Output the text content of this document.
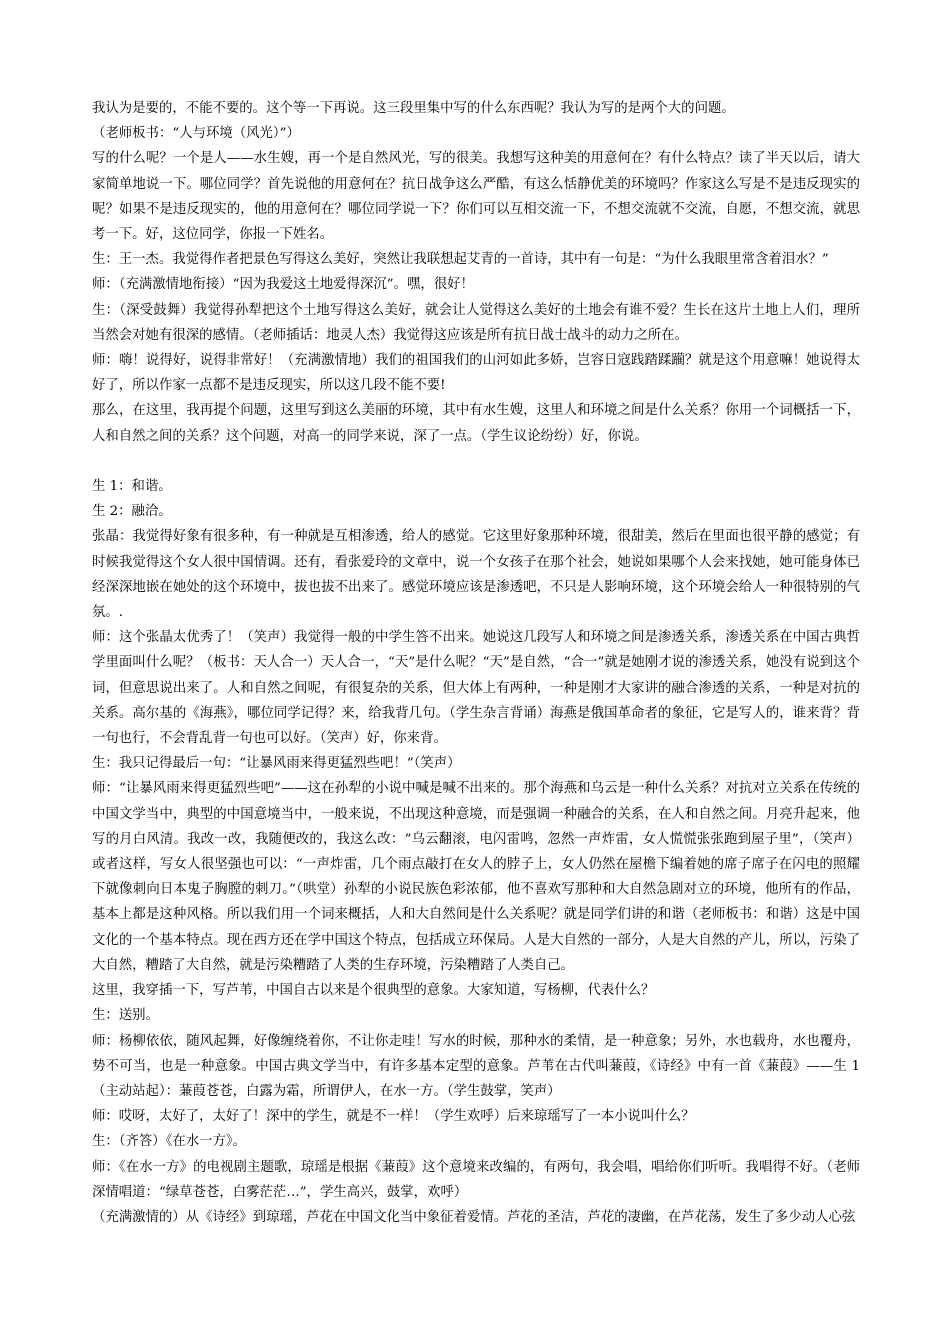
我认为是要的，不能不要的。这个等一下再说。这三段里集中写的什么东西呢？我认为写的是两个大的问题。

（老师板书：“人与环境（风光）”）

写的什么呢？一个是人——水生嫂，再一个是自然风光，写的很美。我想写这种美的用意何在？有什么特点？读了半天以后，请大家简单地说一下。哪位同学？首先说他的用意何在？抗日战争这么严酷，有这么恬静优美的环境吗？作家这么写是不是违反现实的呢？如果不是违反现实的，他的用意何在？哪位同学说一下？你们可以互相交流一下，不想交流就不交流，自愿，不想交流，就思考一下。好，这位同学，你报一下姓名。

生：王一杰。我觉得作者把景色写得这么美好，突然让我联想起艾青的一首诗，其中有一句是：“为什么我眼里常含着泪水？”

师：（充满激情地衔接）“因为我爱这土地爱得深沉”。嘿，很好！

生：（深受鼓舞）我觉得孙犁把这个土地写得这么美好，就会让人觉得这么美好的土地会有谁不爱？生长在这片土地上人们，理所当然会对她有很深的感情。（老师插话：地灵人杰）我觉得这应该是所有抗日战士战斗的动力之所在。

师：嗨！说得好，说得非常好！（充满激情地）我们的祖国我们的山河如此多娇，岂容日寇践踏蹂躏？就是这个用意嘛！她说得太好了，所以作家一点都不是违反现实，所以这几段不能不要!

那么，在这里，我再提个问题，这里写到这么美丽的环境，其中有水生嫂，这里人和环境之间是什么关系？你用一个词概括一下，人和自然之间的关系？这个问题，对高一的同学来说，深了一点。（学生议论纷纷）好，你说。

生 1：和谐。

生 2：融洽。

张晶：我觉得好象有很多种，有一种就是互相渗透，给人的感觉。它这里好象那种环境，很甜美，然后在里面也很平静的感觉；有时候我觉得这个女人很中国情调。还有，看张爱玲的文章中，说一个女孩子在那个社会，她说如果哪个人会来找她，她可能身体已经深深地嵌在她处的这个环境中，拔也拔不出来了。感觉环境应该是渗透吧，不只是人影响环境，这个环境会给人一种很特别的气氛。.

师：这个张晶太优秀了！（笑声）我觉得一般的中学生答不出来。她说这几段写人和环境之间是渗透关系，渗透关系在中国古典哲学里面叫什么呢？（板书：天人合一）天人合一，“天”是什么呢？“天”是自然，“合一”就是她刚才说的渗透关系，她没有说到这个词，但意思说出来了。人和自然之间呢，有很复杂的关系，但大体上有两种，一种是刚才大家讲的融合渗透的关系，一种是对抗的关系。高尔基的《海燕》，哪位同学记得？来，给我背几句。（学生杂言背诵）海燕是俄国革命者的象征，它是写人的，谁来背？背一句也行，不会背乱背一句也可以好。（笑声）好，你来背。

生：我只记得最后一句：“让暴风雨来得更猛烈些吧！”（笑声）

师：“让暴风雨来得更猛烈些吧”——这在孙犁的小说中喊是喊不出来的。那个海燕和乌云是一种什么关系？对抗对立关系在传统的中国文学当中，典型的中国意境当中，一般来说，不出现这种意境，而是强调一种融合的关系，在人和自然之间。月亮升起来，他写的月白风清。我改一改，我随便改的，我这么改：“乌云翻滚，电闪雷鸣，忽然一声炸雷，女人慌慌张张跑到屋子里”，（笑声）或者这样，写女人很坚强也可以：“一声炸雷，几个雨点敲打在女人的脖子上，女人仍然在屋檐下编着她的席子席子在闪电的照耀下就像刺向日本鬼子胸膛的刺刀。”（哄堂）孙犁的小说民族色彩浓郁，他不喜欢写那种和大自然急剧对立的环境，他所有的作品，基本上都是这种风格。所以我们用一个词来概括，人和大自然间是什么关系呢？就是同学们讲的和谐（老师板书：和谐）这是中国文化的一个基本特点。现在西方还在学中国这个特点，包括成立环保局。人是大自然的一部分，人是大自然的产儿，所以，污染了大自然，糟踏了大自然，就是污染糟踏了人类的生存环境，污染糟踏了人类自己。

这里，我穿插一下，写芦苇，中国自古以来是个很典型的意象。大家知道，写杨柳，代表什么？

生：送别。

师：杨柳依依，随风起舞，好像缠绕着你，不让你走哇！写水的时候，那种水的柔情，是一种意象；另外，水也载舟，水也覆舟，势不可当，也是一种意象。中国古典文学当中，有许多基本定型的意象。芦苇在古代叫蒹葭，《诗经》中有一首《蒹葭》——生 1（主动站起）：蒹葭苍苍，白露为霜，所谓伊人，在水一方。（学生鼓掌，笑声）

师：哎呀，太好了，太好了！深中的学生，就是不一样！（学生欢呼）后来琼瑶写了一本小说叫什么？

生：（齐答）《在水一方》。

师：《在水一方》的电视剧主题歌，琼瑶是根据《蒹葭》这个意境来改编的，有两句，我会唱，唱给你们听听。我唱得不好。（老师深情唱道：“绿草苍苍，白雾茫茫…”，学生高兴，鼓掌，欢呼）

（充满激情的）从《诗经》到琼瑶，芦花在中国文化当中象征着爱情。芦花的圣洁，芦花的凄幽，在芦花荡，发生了多少动人心弦
